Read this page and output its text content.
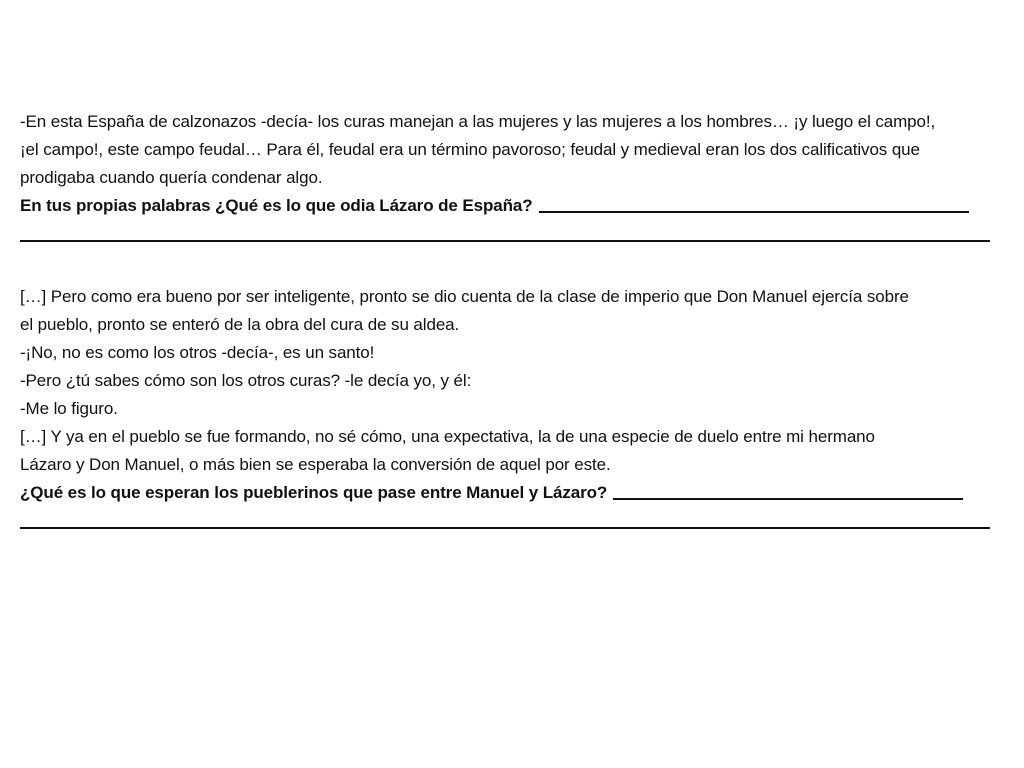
-En esta España de calzonazos -decía- los curas manejan a las mujeres y las mujeres a los hombres… ¡y luego el campo!,
¡el campo!, este campo feudal… Para él, feudal era un término pavoroso; feudal y medieval eran los dos calificativos que
prodigaba cuando quería condenar algo.
En tus propias palabras ¿Qué es lo que odia Lázaro de España?
[…] Pero como era bueno por ser inteligente, pronto se dio cuenta de la clase de imperio que Don Manuel ejercía sobre
el pueblo, pronto se enteró de la obra del cura de su aldea.
-¡No, no es como los otros -decía-, es un santo!
-Pero ¿tú sabes cómo son los otros curas? -le decía yo, y él:
-Me lo figuro.
[…] Y ya en el pueblo se fue formando, no sé cómo, una expectativa, la de una especie de duelo entre mi hermano
Lázaro y Don Manuel, o más bien se esperaba la conversión de aquel por este.
¿Qué es lo que esperan los pueblerinos que pase entre Manuel y Lázaro?
